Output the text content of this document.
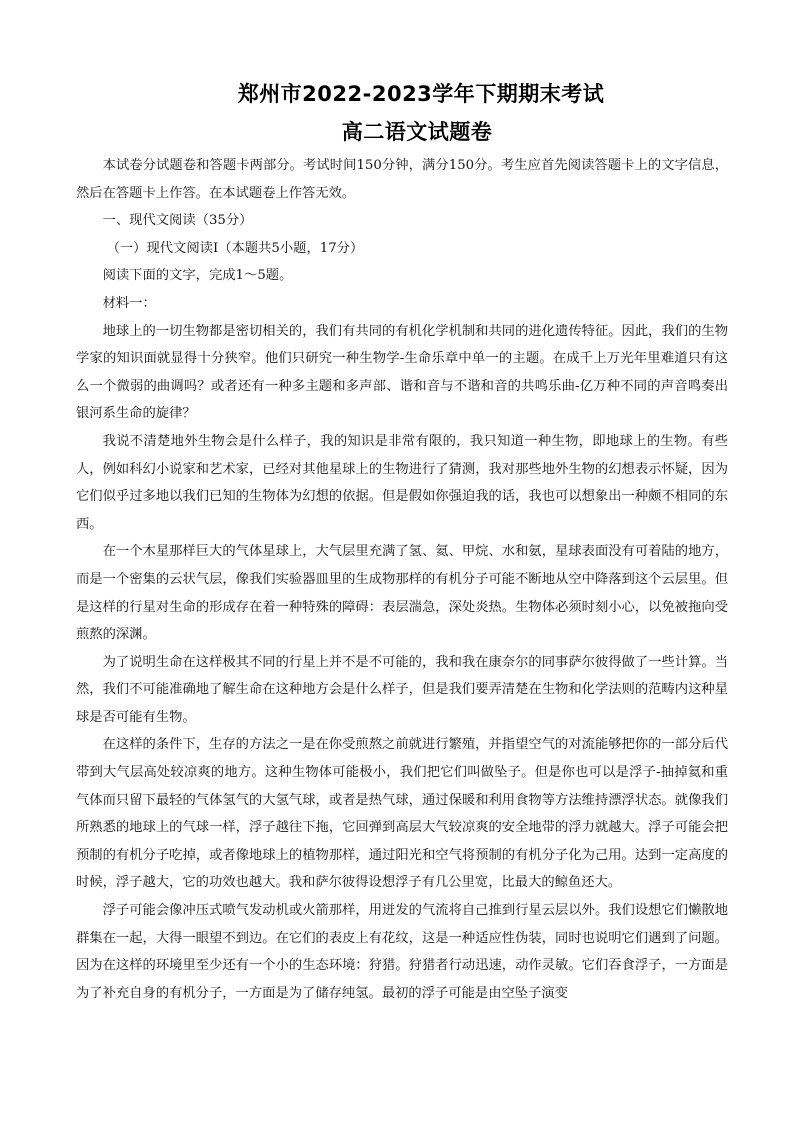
郑州市2022-2023学年下期期末考试
高二语文试题卷

本试卷分试题卷和答题卡两部分。考试时间150分钟，满分150分。考生应首先阅读答题卡上的文字信息，然后在答题卡上作答。在本试题卷上作答无效。

一、现代文阅读（35分）

（一）现代文阅读Ⅰ（本题共5小题，17分）

阅读下面的文字，完成1～5题。

材料一：

地球上的一切生物都是密切相关的，我们有共同的有机化学机制和共同的进化遗传特征。因此，我们的生物学家的知识面就显得十分狭窄。他们只研究一种生物学-生命乐章中单一的主题。在成千上万光年里难道只有这么一个微弱的曲调吗？或者还有一种多主题和多声部、谐和音与不谐和音的共鸣乐曲-亿万种不同的声音鸣奏出银河系生命的旋律？

我说不清楚地外生物会是什么样子，我的知识是非常有限的，我只知道一种生物，即地球上的生物。有些人，例如科幻小说家和艺术家，已经对其他星球上的生物进行了猜测，我对那些地外生物的幻想表示怀疑，因为它们似乎过多地以我们已知的生物体为幻想的依据。但是假如你强迫我的话，我也可以想象出一种颇不相同的东西。

在一个木星那样巨大的气体星球上，大气层里充满了氢、氦、甲烷、水和氨，星球表面没有可着陆的地方，而是一个密集的云状气层，像我们实验器皿里的生成物那样的有机分子可能不断地从空中降落到这个云层里。但是这样的行星对生命的形成存在着一种特殊的障碍：表层湍急，深处炎热。生物体必须时刻小心，以免被拖向受煎熬的深渊。

为了说明生命在这样极其不同的行星上并不是不可能的，我和我在康奈尔的同事萨尔彼得做了一些计算。当然，我们不可能准确地了解生命在这种地方会是什么样子，但是我们要弄清楚在生物和化学法则的范畴内这种星球是否可能有生物。

在这样的条件下，生存的方法之一是在你受煎熬之前就进行繁殖，并指望空气的对流能够把你的一部分后代带到大气层高处较凉爽的地方。这种生物体可能极小，我们把它们叫做坠子。但是你也可以是浮子-抽掉氦和重气体而只留下最轻的气体氢气的大氢气球，或者是热气球，通过保暖和利用食物等方法维持漂浮状态。就像我们所熟悉的地球上的气球一样，浮子越往下拖，它回弹到高层大气较凉爽的安全地带的浮力就越大。浮子可能会把预制的有机分子吃掉，或者像地球上的植物那样，通过阳光和空气将预制的有机分子化为己用。达到一定高度的时候，浮子越大，它的功效也越大。我和萨尔彼得设想浮子有几公里宽，比最大的鲸鱼还大。

浮子可能会像冲压式喷气发动机或火箭那样，用迸发的气流将自己推到行星云层以外。我们设想它们懒散地群集在一起，大得一眼望不到边。在它们的表皮上有花纹，这是一种适应性伪装，同时也说明它们遇到了问题。因为在这样的环境里至少还有一个小的生态环境：狩猎。狩猎者行动迅速，动作灵敏。它们吞食浮子，一方面是为了补充自身的有机分子，一方面是为了储存纯氢。最初的浮子可能是由空坠子演变
